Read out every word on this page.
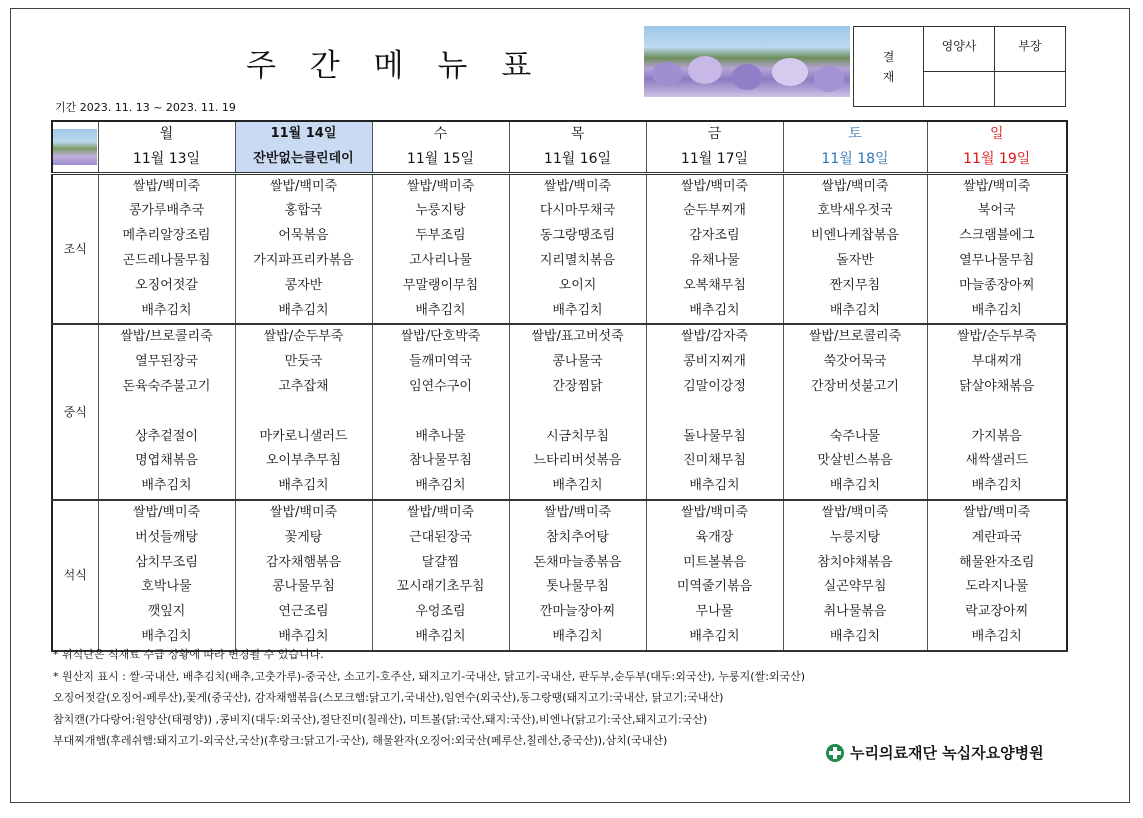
주 간 메 뉴 표	결
재	영양사	부장

기간 2023. 11. 13 ~ 2023. 11. 19
	월	11월 14일	수	목	금	토	일
	11월 13일	잔반없는클린데이	11월 15일	11월 16일	11월 17일	11월 18일	11월 19일
조식	쌀밥/백미죽	쌀밥/백미죽	쌀밥/백미죽	쌀밥/백미죽	쌀밥/백미죽	쌀밥/백미죽	쌀밥/백미죽
	콩가루배추국	홍합국	누룽지탕	다시마무채국	순두부찌개	호박새우젓국	북어국
	메추리알장조림	어묵볶음	두부조림	동그랑땡조림	감자조림	비엔나케찹볶음	스크램블에그
	곤드레나물무침	가지파프리카볶음	고사리나물	지리멸치볶음	유채나물	돌자반	열무나물무침
	오징어젓갈	콩자반	무말랭이무침	오이지	오복채무침	짠지무침	마늘종장아찌
	배추김치	배추김치	배추김치	배추김치	배추김치	배추김치	배추김치
중식	쌀밥/브로콜리죽	쌀밥/순두부죽	쌀밥/단호박죽	쌀밥/표고버섯죽	쌀밥/감자죽	쌀밥/브로콜리죽	쌀밥/순두부죽
	열무된장국	만둣국	들깨미역국	콩나물국	콩비지찌개	쑥갓어묵국	부대찌개
	돈육숙주불고기	고추잡채	임연수구이	간장찜닭	김말이강정	간장버섯불고기	닭살야채볶음

	상추겉절이	마카로니샐러드	배추나물	시금치무침	돌나물무침	숙주나물	가지볶음
	명엽채볶음	오이부추무침	참나물무침	느타리버섯볶음	진미채무침	맛살빈스볶음	새싹샐러드
	배추김치	배추김치	배추김치	배추김치	배추김치	배추김치	배추김치
석식	쌀밥/백미죽	쌀밥/백미죽	쌀밥/백미죽	쌀밥/백미죽	쌀밥/백미죽	쌀밥/백미죽	쌀밥/백미죽
	버섯들깨탕	꽃게탕	근대된장국	참치추어탕	육개장	누룽지탕	계란파국
	삼치무조림	감자채햄볶음	달걀찜	돈채마늘종볶음	미트볼볶음	참치야채볶음	해물완자조림
	호박나물	콩나물무침	꼬시래기초무침	톳나물무침	미역줄기볶음	실곤약무침	도라지나물
	깻잎지	연근조림	우엉조림	깐마늘장아찌	무나물	취나물볶음	락교장아찌
	배추김치	배추김치	배추김치	배추김치	배추김치	배추김치	배추김치
* 위식단은 식재료 수급 상황에 따라 변경될 수 있습니다.
* 원산지 표시 : 쌀-국내산, 배추김치(배추,고춧가루)-중국산, 소고기-호주산, 돼지고기-국내산, 닭고기-국내산, 판두부,순두부(대두:외국산), 누룽지(쌀:외국산)
오징어젓갈(오징어-페루산),꽃게(중국산), 감자채햄볶음(스모크햄:닭고기,국내산),임연수(외국산),동그랑땡(돼지고기:국내산, 닭고기:국내산)
참치캔(가다랑어:원양산(태평양)) ,콩비지(대두:외국산),절단진미(칠레산), 미트볼(닭:국산,돼지:국산),비엔나(닭고기:국산,돼지고기:국산)
부대찌개햄(후레쉬햄:돼지고기-외국산,국산)(후랑크:닭고기-국산), 해물완자(오징어:외국산(페루산,칠레산,중국산)),삼치(국내산)
누리의료재단 녹십자요양병원
